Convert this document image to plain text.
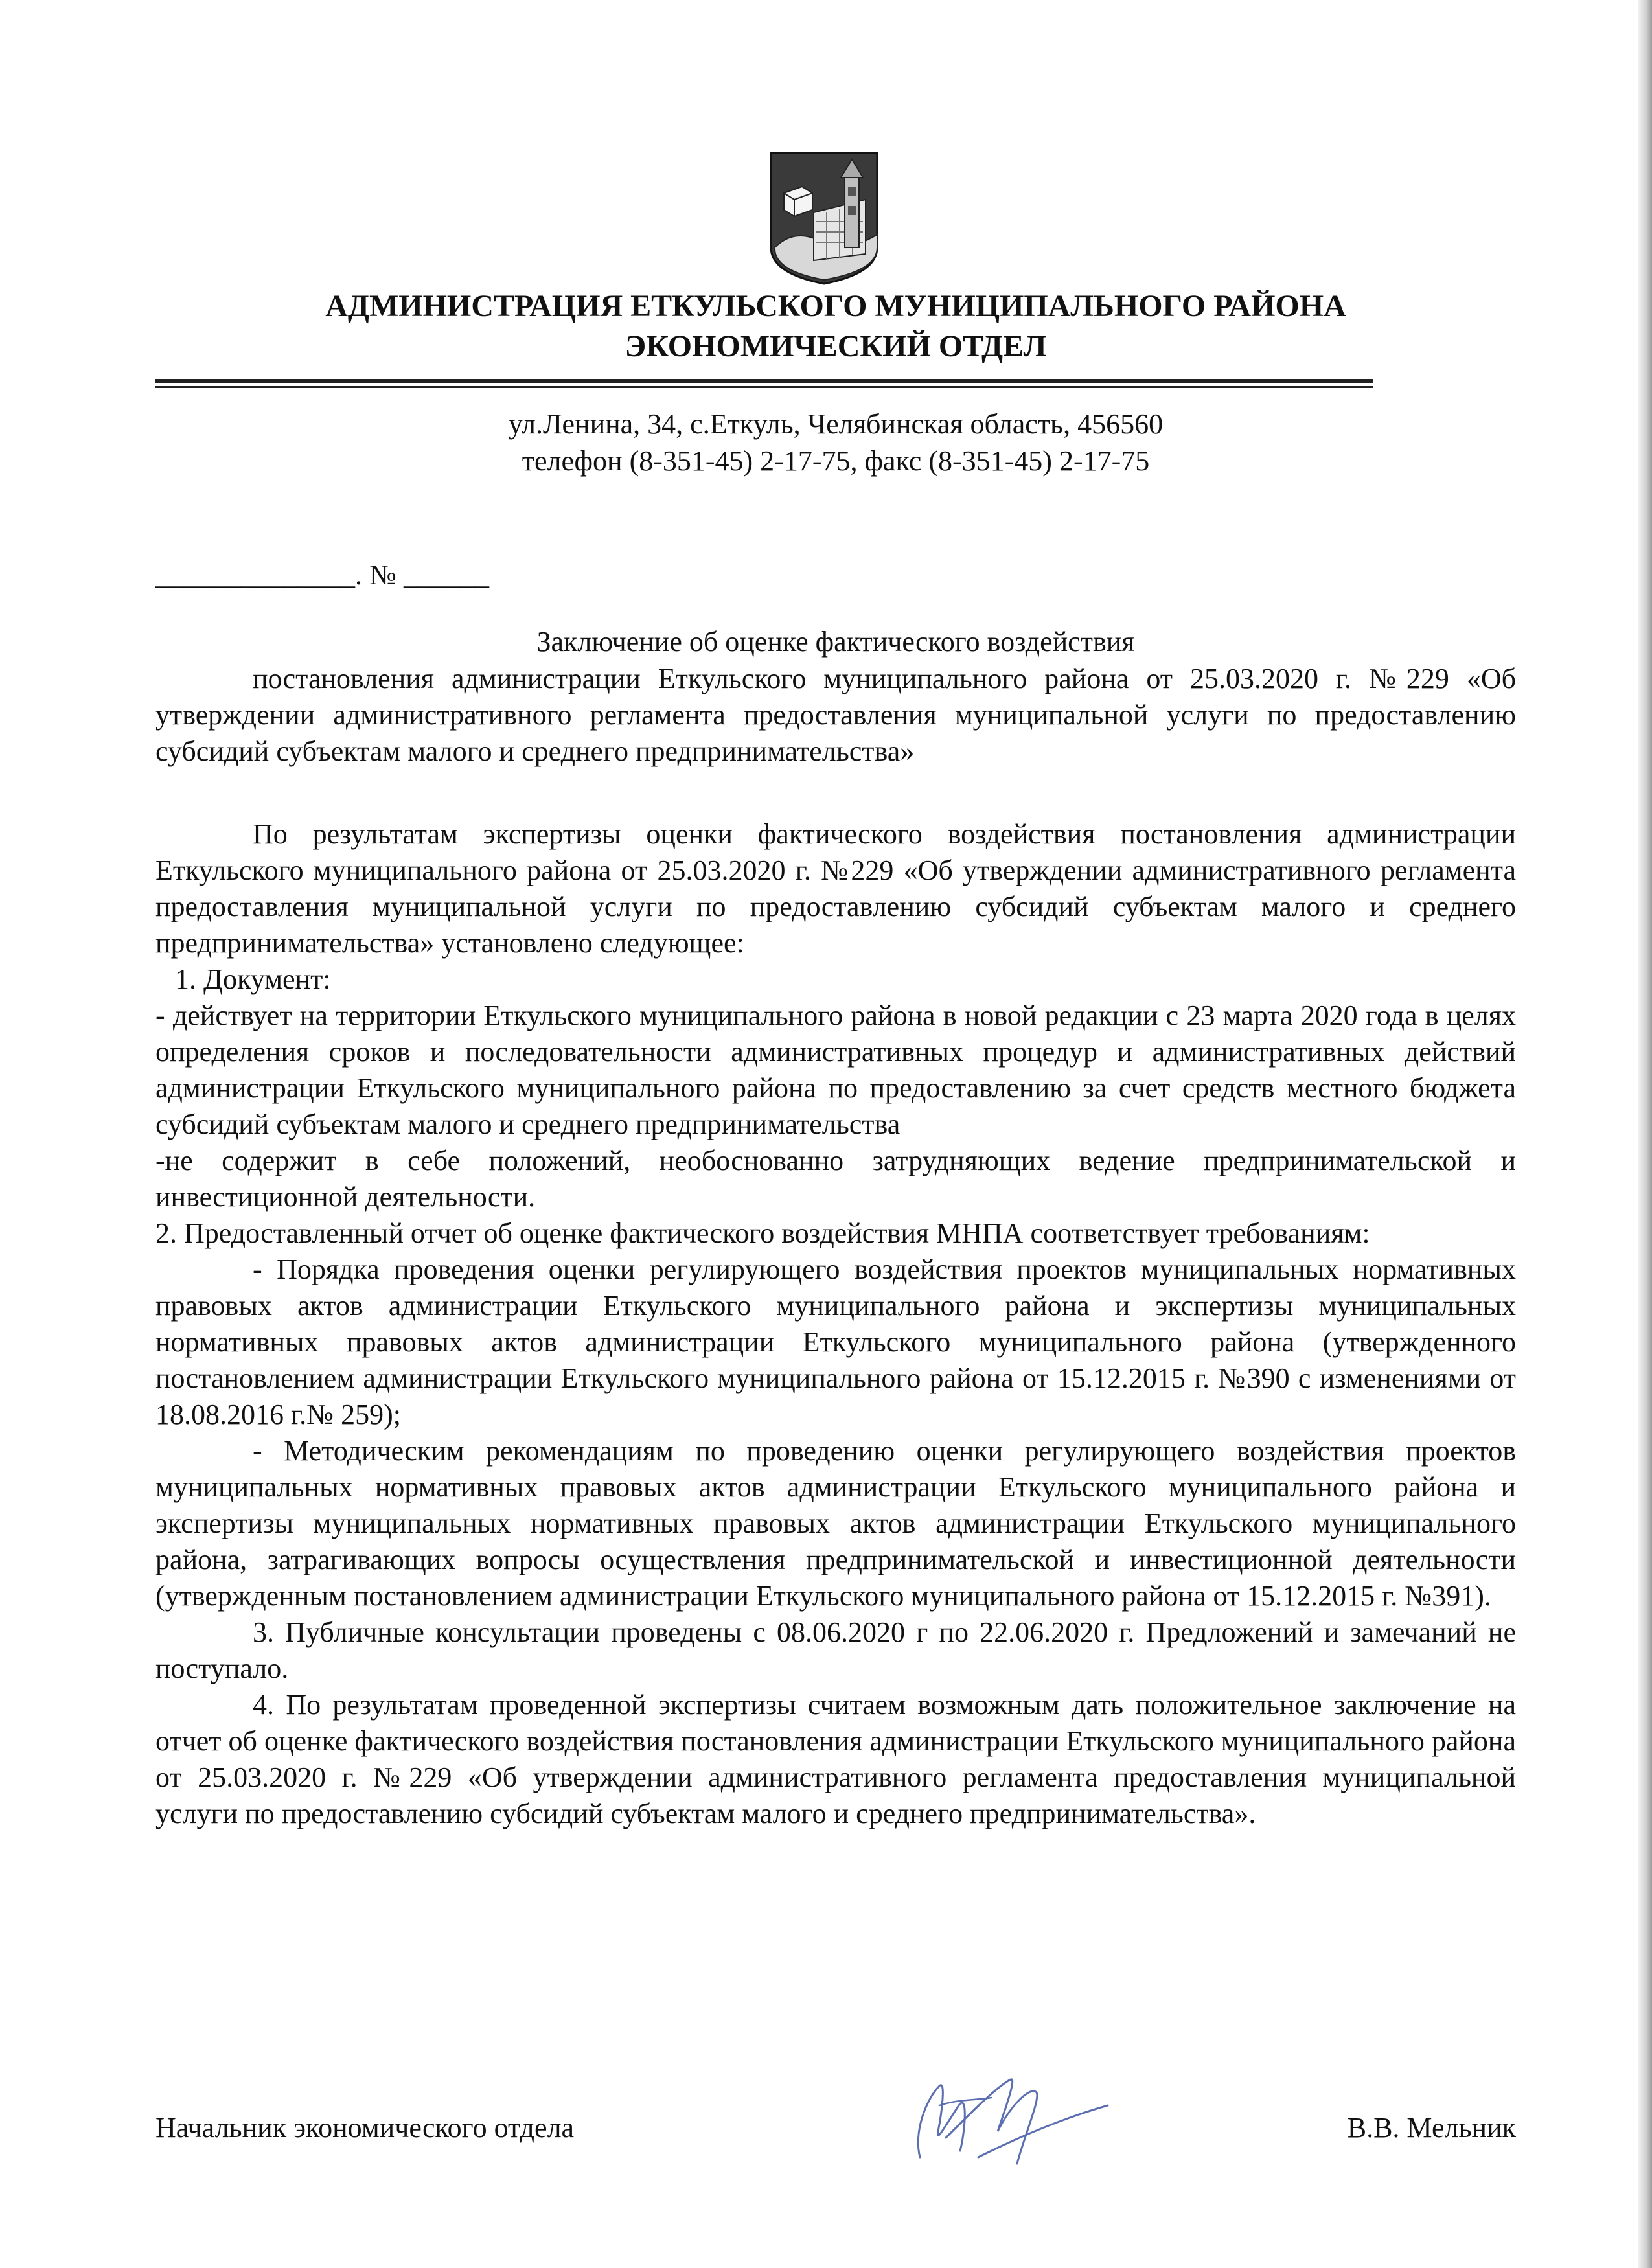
АДМИНИСТРАЦИЯ ЕТКУЛЬСКОГО МУНИЦИПАЛЬНОГО РАЙОНА
ЭКОНОМИЧЕСКИЙ ОТДЕЛ
ул.Ленина, 34, с.Еткуль, Челябинская область, 456560
телефон (8-351-45) 2-17-75, факс (8-351-45) 2-17-75
______________. № ______
Заключение об оценке фактического воздействия

постановления администрации Еткульского муниципального района от 25.03.2020 г. №229 «Об утверждении административного регламента предоставления муниципальной услуги по предоставлению субсидий субъектам малого и среднего предпринимательства»

По результатам экспертизы оценки фактического воздействия постановления администрации Еткульского муниципального района от 25.03.2020 г. №229 «Об утверждении административного регламента предоставления муниципальной услуги по предоставлению субсидий субъектам малого и среднего предпринимательства» установлено следующее:

1. Документ:

- действует на территории Еткульского муниципального района в новой редакции с 23 марта 2020 года в целях определения сроков и последовательности административных процедур и административных действий администрации Еткульского муниципального района по предоставлению за счет средств местного бюджета субсидий субъектам малого и среднего предпринимательства

-не содержит в себе положений, необоснованно затрудняющих ведение предпринимательской и инвестиционной деятельности.

2. Предоставленный отчет об оценке фактического воздействия МНПА соответствует требованиям:

- Порядка проведения оценки регулирующего воздействия проектов муниципальных нормативных правовых актов администрации Еткульского муниципального района и экспертизы муниципальных нормативных правовых актов администрации Еткульского муниципального района (утвержденного постановлением администрации Еткульского муниципального района от 15.12.2015 г. №390 с изменениями от 18.08.2016 г.№ 259);

- Методическим рекомендациям по проведению оценки регулирующего воздействия проектов муниципальных нормативных правовых актов администрации Еткульского муниципального района и экспертизы муниципальных нормативных правовых актов администрации Еткульского муниципального района, затрагивающих вопросы осуществления предпринимательской и инвестиционной деятельности (утвержденным постановлением администрации Еткульского муниципального района от 15.12.2015 г. №391).

3. Публичные консультации проведены с 08.06.2020 г по 22.06.2020 г. Предложений и замечаний не поступало.

4. По результатам проведенной экспертизы считаем возможным дать положительное заключение на отчет об оценке фактического воздействия постановления администрации Еткульского муниципального района от 25.03.2020 г. №229 «Об утверждении административного регламента предоставления муниципальной услуги по предоставлению субсидий субъектам малого и среднего предпринимательства».

Начальник экономического отдела	В.В. Мельник
